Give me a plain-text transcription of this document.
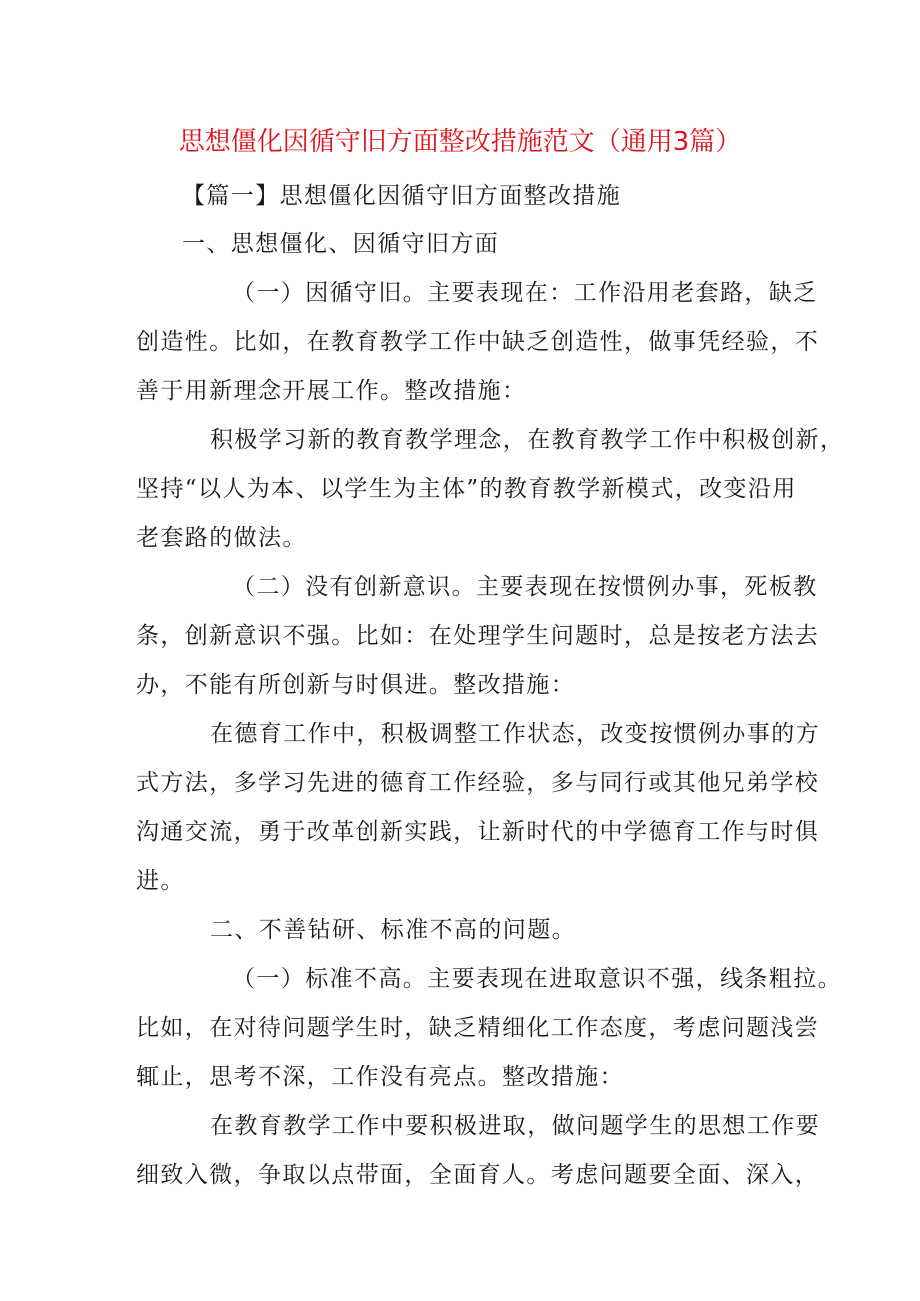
思想僵化因循守旧方面整改措施范文（通用3篇）
【篇一】思想僵化因循守旧方面整改措施
一、思想僵化、因循守旧方面
（一）因循守旧。主要表现在：工作沿用老套路，缺乏
创造性。比如，在教育教学工作中缺乏创造性，做事凭经验，不
善于用新理念开展工作。整改措施：
积极学习新的教育教学理念，在教育教学工作中积极创新，
坚持“以人为本、以学生为主体”的教育教学新模式，改变沿用
老套路的做法。
（二）没有创新意识。主要表现在按惯例办事，死板教
条，创新意识不强。比如：在处理学生问题时，总是按老方法去
办，不能有所创新与时俱进。整改措施：
在德育工作中，积极调整工作状态，改变按惯例办事的方
式方法，多学习先进的德育工作经验，多与同行或其他兄弟学校
沟通交流，勇于改革创新实践，让新时代的中学德育工作与时俱
进。
二、不善钻研、标准不高的问题。
（一）标准不高。主要表现在进取意识不强，线条粗拉。
比如，在对待问题学生时，缺乏精细化工作态度，考虑问题浅尝
辄止，思考不深，工作没有亮点。整改措施：
在教育教学工作中要积极进取，做问题学生的思想工作要
细致入微，争取以点带面，全面育人。考虑问题要全面、深入，
